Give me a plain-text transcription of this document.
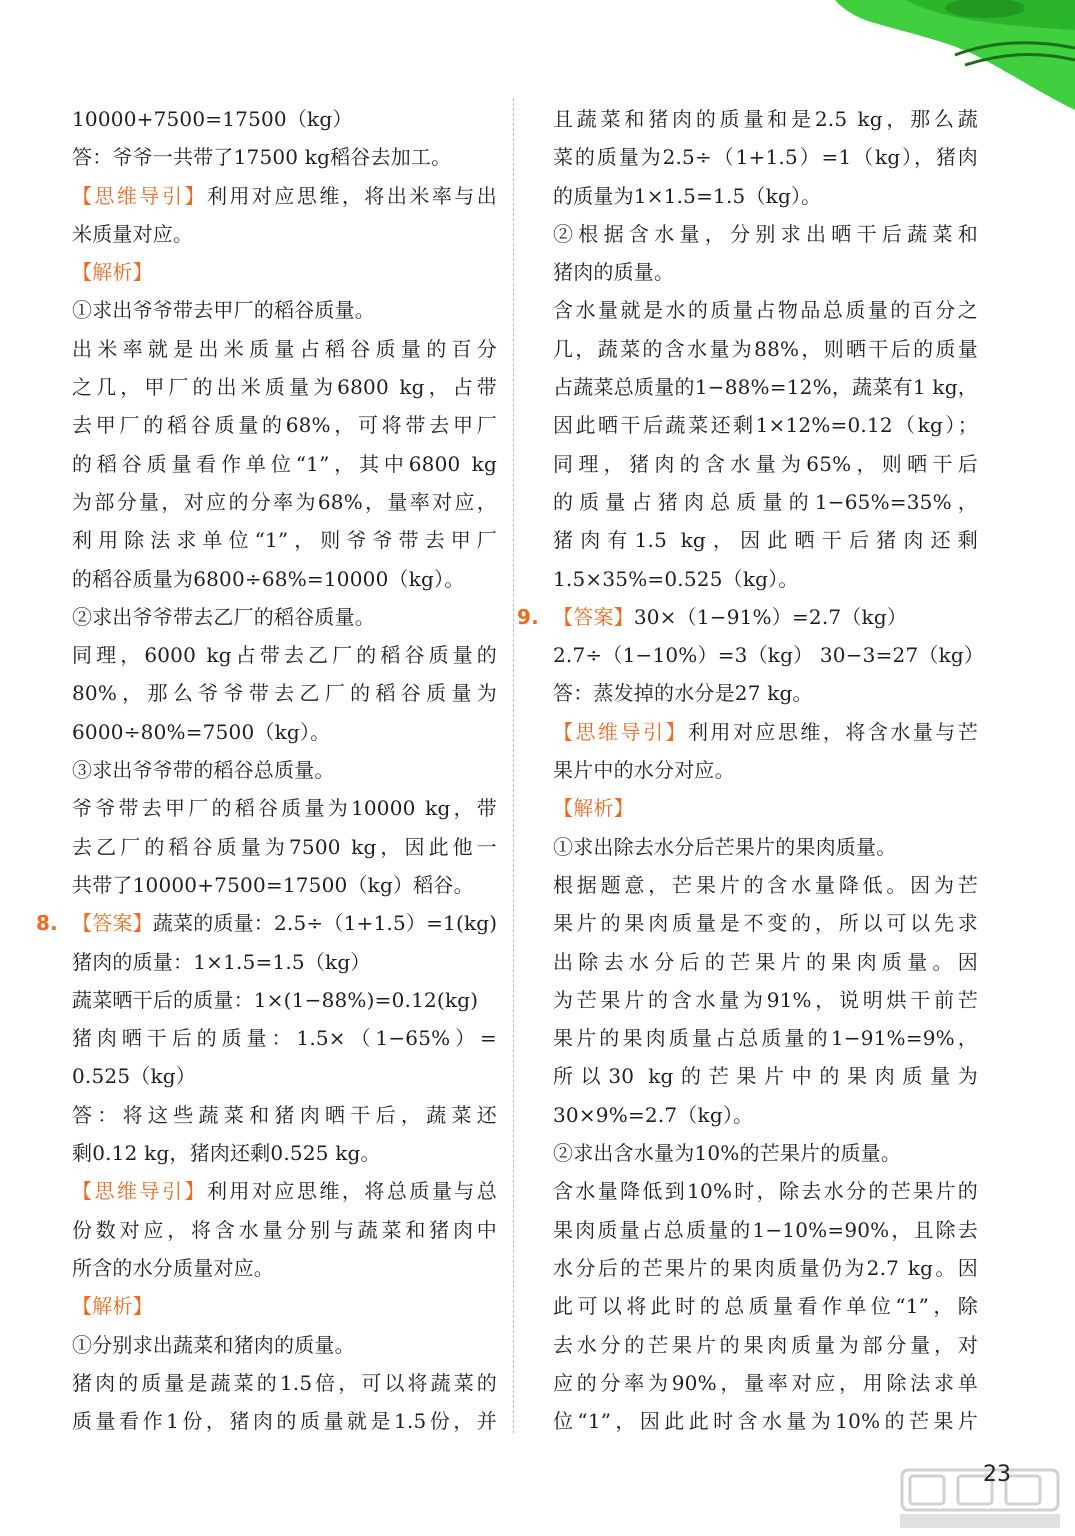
10000+7500=17500（kg）
答：爷爷一共带了17500 kg稻谷去加工。
【思维导引】利用对应思维，将出米率与出
米质量对应。
【解析】
①求出爷爷带去甲厂的稻谷质量。
出米率就是出米质量占稻谷质量的百分
之几，甲厂的出米质量为6800 kg，占带
去甲厂的稻谷质量的68%，可将带去甲厂
的稻谷质量看作单位“1”，其中6800 kg
为部分量，对应的分率为68%，量率对应，
利用除法求单位“1”，则爷爷带去甲厂
的稻谷质量为6800÷68%=10000（kg）。
②求出爷爷带去乙厂的稻谷质量。
同理，6000 kg占带去乙厂的稻谷质量的
80%，那么爷爷带去乙厂的稻谷质量为
6000÷80%=7500（kg）。
③求出爷爷带的稻谷总质量。
爷爷带去甲厂的稻谷质量为10000 kg，带
去乙厂的稻谷质量为7500 kg，因此他一
共带了10000+7500=17500（kg）稻谷。
8. 【答案】蔬菜的质量：2.5÷（1+1.5）=1(kg)
猪肉的质量：1×1.5=1.5（kg）
蔬菜晒干后的质量：1×(1−88%)=0.12(kg)
猪肉晒干后的质量：1.5×（1−65%）=
0.525（kg）
答：将这些蔬菜和猪肉晒干后，蔬菜还
剩0.12 kg，猪肉还剩0.525 kg。
【思维导引】利用对应思维，将总质量与总
份数对应，将含水量分别与蔬菜和猪肉中
所含的水分质量对应。
【解析】
①分别求出蔬菜和猪肉的质量。
猪肉的质量是蔬菜的1.5倍，可以将蔬菜的
质量看作1份，猪肉的质量就是1.5份，并
且蔬菜和猪肉的质量和是2.5 kg，那么蔬
菜的质量为2.5÷（1+1.5）=1（kg），猪肉
的质量为1×1.5=1.5（kg）。
②根据含水量，分别求出晒干后蔬菜和
猪肉的质量。
含水量就是水的质量占物品总质量的百分之
几，蔬菜的含水量为88%，则晒干后的质量
占蔬菜总质量的1−88%=12%，蔬菜有1 kg，
因此晒干后蔬菜还剩1×12%=0.12（kg）；
同理，猪肉的含水量为65%，则晒干后
的质量占猪肉总质量的1−65%=35%，
猪肉有1.5 kg，因此晒干后猪肉还剩
1.5×35%=0.525（kg）。
9. 【答案】30×（1−91%）=2.7（kg）
2.7÷（1−10%）=3（kg） 30−3=27（kg）
答：蒸发掉的水分是27 kg。
【思维导引】利用对应思维，将含水量与芒
果片中的水分对应。
【解析】
①求出除去水分后芒果片的果肉质量。
根据题意，芒果片的含水量降低。因为芒
果片的果肉质量是不变的，所以可以先求
出除去水分后的芒果片的果肉质量。因
为芒果片的含水量为91%，说明烘干前芒
果片的果肉质量占总质量的1−91%=9%，
所以30 kg的芒果片中的果肉质量为
30×9%=2.7（kg）。
②求出含水量为10%的芒果片的质量。
含水量降低到10%时，除去水分的芒果片的
果肉质量占总质量的1−10%=90%，且除去
水分后的芒果片的果肉质量仍为2.7 kg。因
此可以将此时的总质量看作单位“1”，除
去水分的芒果片的果肉质量为部分量，对
应的分率为90%，量率对应，用除法求单
位“1”，因此此时含水量为10%的芒果片
23
